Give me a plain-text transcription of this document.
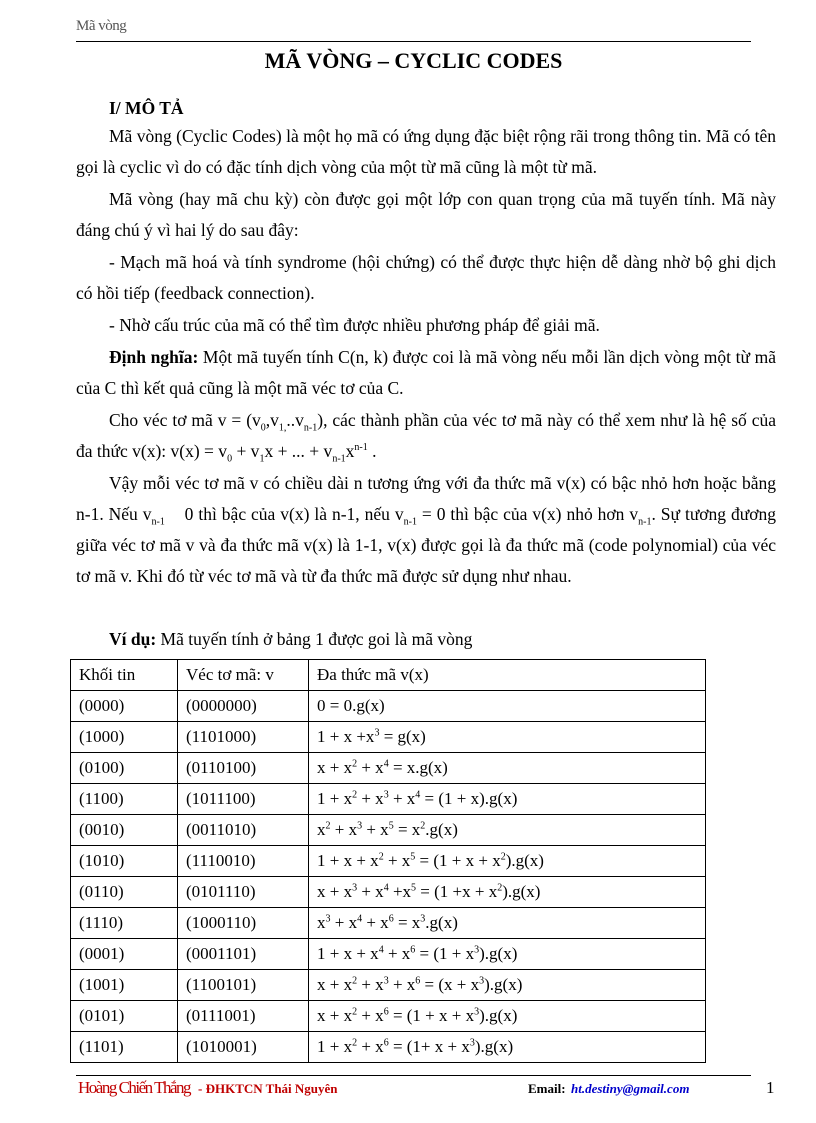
Mã vòng
MÃ VÒNG – CYCLIC CODES
I/ MÔ TẢ
Mã vòng (Cyclic Codes) là một họ mã có ứng dụng đặc biệt rộng rãi trong thông tin. Mã có tên gọi là cyclic vì do có đặc tính dịch vòng của một từ mã cũng là một từ mã.
Mã vòng (hay mã chu kỳ) còn được gọi một lớp con quan trọng của mã tuyến tính. Mã này đáng chú ý vì hai lý do sau đây:
- Mạch mã hoá và tính syndrome (hội chứng) có thể được thực hiện dễ dàng nhờ bộ ghi dịch có hồi tiếp (feedback connection).
- Nhờ cấu trúc của mã có thể tìm được nhiều phương pháp để giải mã.
Định nghĩa: Một mã tuyến tính C(n, k) được coi là mã vòng nếu mỗi lần dịch vòng một từ mã của C thì kết quả cũng là một mã véc tơ của C.
Cho véc tơ mã $v = (v_0,v_{1,}..v_{n-1})$, các thành phần của véc tơ mã này có thể xem như là hệ số của đa thức v(x): $v(x) = v_0 + v_1x$ + ... + $v_{n-1}x^{n-1}$ .
Vậy mỗi véc tơ mã v có chiều dài n tương ứng với đa thức mã v(x) có bậc nhỏ hơn hoặc bằng n-1. Nếu $v_{n-1}$    0 thì bậc của v(x) là n-1, nếu $v_{n-1} = 0$ thì bậc của v(x) nhỏ hơn $v_{n-1}$. Sự tương đương giữa véc tơ mã v và đa thức mã v(x) là 1-1, v(x) được gọi là đa thức mã (code polynomial) của véc tơ mã v. Khi đó từ véc tơ mã và từ đa thức mã được sử dụng như nhau.
Ví dụ: Mã tuyến tính ở bảng 1 được goi là mã vòng
Khối tin	Véc tơ mã: v	Đa thức mã v(x)
(0000)	(0000000)	0 = 0.g(x)
(1000)	(1101000)	$1 + x +x^3 = g(x)$
(0100)	(0110100)	$x + x^2 + x^4 = x.g(x)$
(1100)	(1011100)	$1 + x^2 + x^3 + x^4 = (1 + x).g(x)$
(0010)	(0011010)	$x^2 + x^3 + x^5 = x^2.g(x)$
(1010)	(1110010)	$1 + x + x^2 + x^5 = (1 + x + x^2).g(x)$
(0110)	(0101110)	$x + x^3 + x^4 +x^5 = (1 +x + x^2).g(x)$
(1110)	(1000110)	$x^3 + x^4 + x^6 = x^3.g(x)$
(0001)	(0001101)	$1 + x + x^4 + x^6 = (1 + x^3).g(x)$
(1001)	(1100101)	$x + x^2 + x^3 + x^6 = (x + x^3).g(x)$
(0101)	(0111001)	$x + x^2 + x^6 = (1 + x + x^3).g(x)$
(1101)	(1010001)	$1 + x^2 + x^6 = (1+ x + x^3).g(x)$
Hoàng Chiến Thắng - ĐHKTCN Thái Nguyên	Email: ht.destiny@gmail.com	1
